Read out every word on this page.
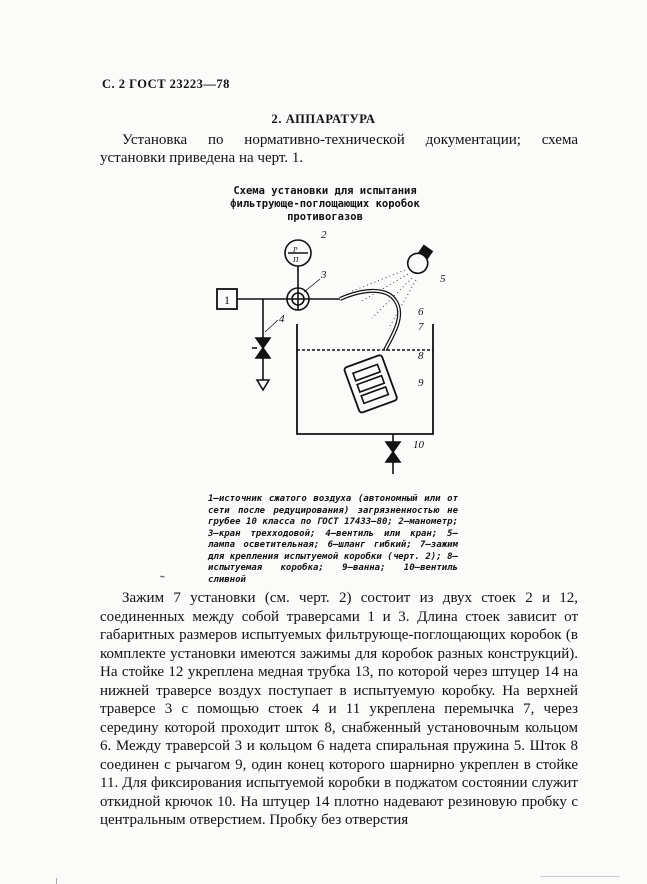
С. 2 ГОСТ 23223—78
2. АППАРАТУРА
Установка по нормативно-технической документации; схема установки приведена на черт. 1.
Схема установки для испытания фильтрующе-поглощающих коробок противогазов
P
П
1
2
3
4
5
6
7
8
9
10
1—источник сжатого воздуха (автономный или от сети после редуцирования) загрязненностью не грубее 10 класса по ГОСТ 17433—80; 2—манометр; 3—кран трехходовой; 4—вентиль или кран; 5—лампа осветительная; 6—шланг гибкий; 7—зажим для крепления испытуемой коробки (черт. 2); 8—испытуемая коробка; 9—ванна; 10—вентиль сливной
Зажим 7 установки (см. черт. 2) состоит из двух стоек 2 и 12, соединенных между собой траверсами 1 и 3. Длина стоек зависит от габаритных размеров испытуемых фильтрующе-поглощающих коробок (в комплекте установки имеются зажимы для коробок разных конструкций). На стойке 12 укреплена медная трубка 13, по которой через штуцер 14 на нижней траверсе воздух поступает в испытуемую коробку. На верхней траверсе 3 с помощью стоек 4 и 11 укреплена перемычка 7, через середину которой проходит шток 8, снабженный установочным кольцом 6. Между траверсой 3 и кольцом 6 надета спиральная пружина 5. Шток 8 соединен с рычагом 9, один конец которого шарнирно укреплен в стойке 11. Для фиксирования испытуемой коробки в поджатом состоянии служит откидной крючок 10. На штуцер 14 плотно надевают резиновую пробку с центральным отверстием. Пробку без отверстия
˜
